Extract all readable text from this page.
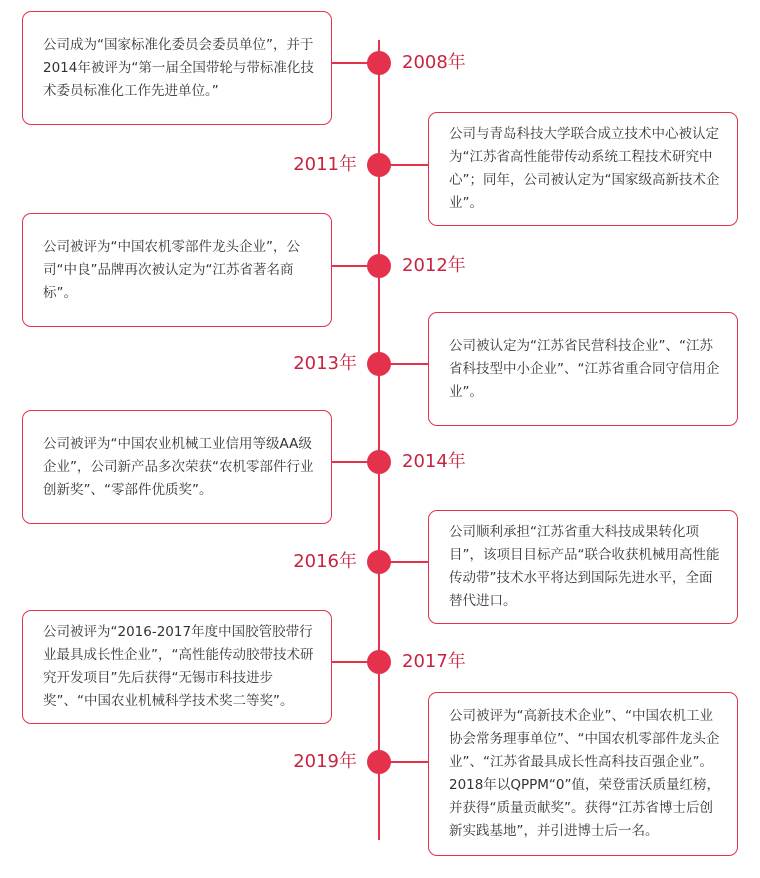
公司成为“国家标准化委员会委员单位”，并于2014年被评为“第一届全国带轮与带标准化技术委员标准化工作先进单位。”

2008年

公司与青岛科技大学联合成立技术中心被认定为“江苏省高性能带传动系统工程技术研究中心”；同年，公司被认定为“国家级高新技术企业”。

2011年

公司被评为“中国农机零部件龙头企业”，公司“中良”品牌再次被认定为“江苏省著名商标”。

2012年

公司被认定为“江苏省民营科技企业”、“江苏省科技型中小企业”、“江苏省重合同守信用企业”。

2013年

公司被评为“中国农业机械工业信用等级AA级企业”，公司新产品多次荣获“农机零部件行业创新奖”、“零部件优质奖”。

2014年

公司顺利承担“江苏省重大科技成果转化项目”，该项目目标产品“联合收获机械用高性能传动带”技术水平将达到国际先进水平，全面替代进口。

2016年

公司被评为“2016-2017年度中国胶管胶带行业最具成长性企业”，“高性能传动胶带技术研究开发项目”先后获得“无锡市科技进步奖”、“中国农业机械科学技术奖二等奖”。

2017年

公司被评为“高新技术企业”、“中国农机工业协会常务理事单位”、“中国农机零部件龙头企业”、“江苏省最具成长性高科技百强企业”。2018年以QPPM“0”值，荣登雷沃质量红榜，并获得“质量贡献奖”。获得“江苏省博士后创新实践基地”，并引进博士后一名。

2019年
